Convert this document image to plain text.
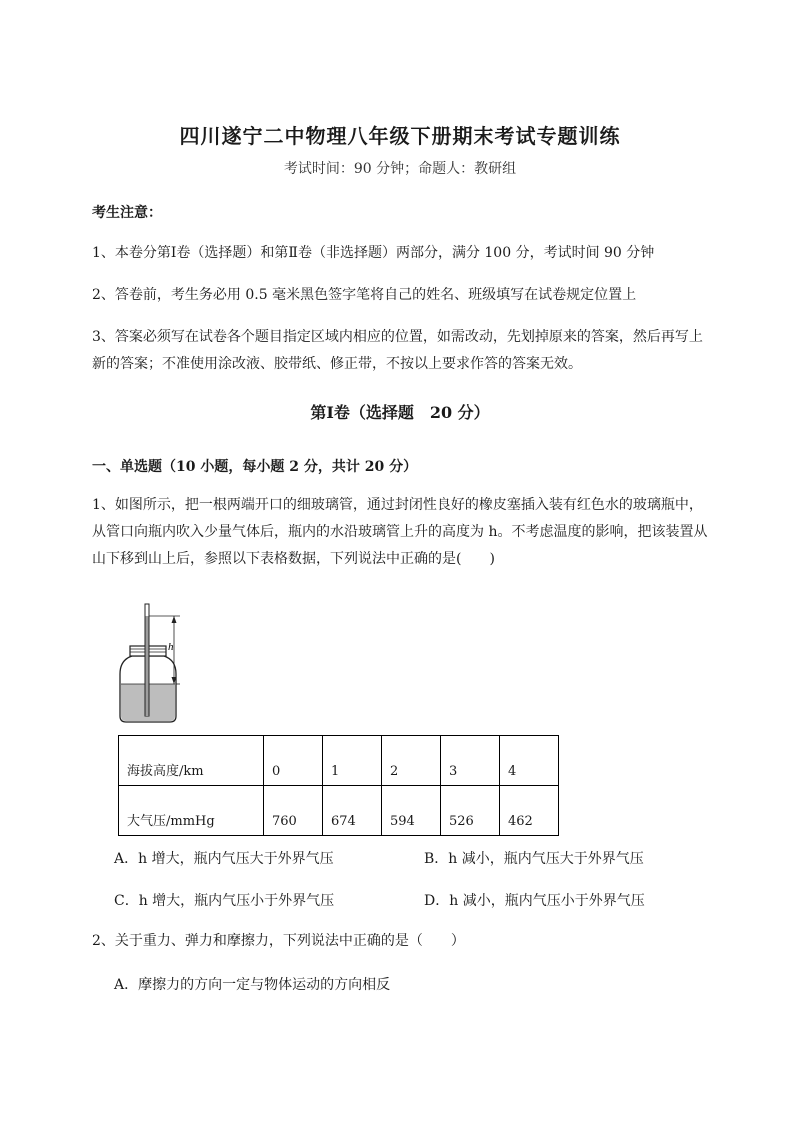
四川遂宁二中物理八年级下册期末考试专题训练
考试时间：90 分钟；命题人：教研组
考生注意：
1、本卷分第Ⅰ卷（选择题）和第Ⅱ卷（非选择题）两部分，满分 100 分，考试时间 90 分钟
2、答卷前，考生务必用 0.5 毫米黑色签字笔将自己的姓名、班级填写在试卷规定位置上
3、答案必须写在试卷各个题目指定区域内相应的位置，如需改动，先划掉原来的答案，然后再写上新的答案；不准使用涂改液、胶带纸、修正带，不按以上要求作答的答案无效。
第Ⅰ卷（选择题　20 分）
一、单选题（10 小题，每小题 2 分，共计 20 分）
1、如图所示，把一根两端开口的细玻璃管，通过封闭性良好的橡皮塞插入装有红色水的玻璃瓶中，从管口向瓶内吹入少量气体后，瓶内的水沿玻璃管上升的高度为 h。不考虑温度的影响，把该装置从山下移到山上后，参照以下表格数据，下列说法中正确的是(　　)
h
海拔高度/km	0	1	2	3	4
大气压/mmHg	760	674	594	526	462
A．h 增大，瓶内气压大于外界气压	B．h 减小，瓶内气压大于外界气压
C．h 增大，瓶内气压小于外界气压	D．h 减小，瓶内气压小于外界气压
2、关于重力、弹力和摩擦力，下列说法中正确的是（　　）
A．摩擦力的方向一定与物体运动的方向相反
